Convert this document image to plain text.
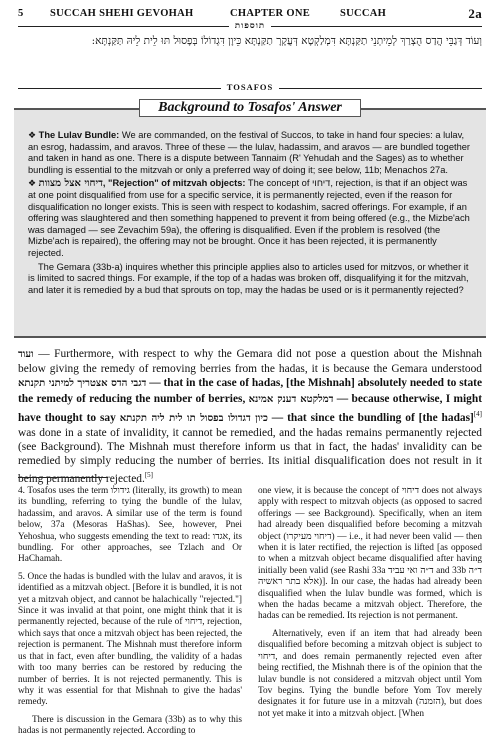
5	SUCCAH SHEHI GEVOHAH	CHAPTER ONE	SUCCAH	2a
תוספות
וְעוֹד דְּגַבֵּי הֲדַס הֻצְרַךְ לְמֵיתְנֵי תַקַּנְתָּא דִּמְלַקְטָא דְּעֲקָרָ תַקַּנְתָּא כֵּיוָן דִּגְדוֹלוֹ בְּפָסוּל תּוּ לֵית לֵיהּ תַּקַּנְתָּא:
TOSAFOS
Background to Tosafos' Answer

❖ The Lulav Bundle: We are commanded, on the festival of Succos, to take in hand four species: a lulav, an esrog, hadassim, and aravos. Three of these — the lulav, hadassim, and aravos — are bundled together and taken in hand as one. There is a dispute between Tannaim (R' Yehudah and the Sages) as to whether bundling is essential to the mitzvah or only a preferred way of doing it; see below, 11b; Menachos 27a.

❖ דיחוי אצל מצוות, "Rejection" of mitzvah objects: The concept of דיחוי, rejection, is that if an object was at one point disqualified from use for a specific service, it is permanently rejected, even if the reason for disqualification no longer exists. This is seen with respect to kodashim, sacred offerings. For example, if an offering was slaughtered and then something happened to prevent it from being offered (e.g., the Mizbe'ach was damaged — see Zevachim 59a), the offering is disqualified. Even if the problem is resolved (the Mizbe'ach is repaired), the offering may not be brought. Once it has been rejected, it is permanently rejected.

The Gemara (33b-a) inquires whether this principle applies also to articles used for mitzvos, or whether it is limited to sacred things. For example, if the top of a hadas was broken off, disqualifying it for the mitzvah, and later it is remedied by a bud that sprouts on top, may the hadas be used or is it permanently rejected?

ועוד — Furthermore, with respect to why the Gemara did not pose a question about the Mishnah below giving the remedy of removing berries from the hadas, it is because the Gemara understood דגבי הדס אצטריך למיתני תקנתא — that in the case of hadas, [the Mishnah] absolutely needed to state the remedy of reducing the number of berries, דמלקטא דענק אמינא — because otherwise, I might have thought to say כיון דגדולו בפסול תו לית ליה תקנתא — that since the bundling of [the hadas][4] was done in a state of invalidity, it cannot be remedied, and the hadas remains permanently rejected (see Background). The Mishnah must therefore inform us that in fact, the hadas' invalidity can be remedied by simply reducing the number of berries. Its initial disqualification does not result in it being permanently rejected.[5]

4. Tosafos uses the term גידולו (literally, its growth) to mean its bundling, referring to tying the bundle of the lulav, hadassim, and aravos. A similar use of the term is found below, 37a (Mesoras HaShas). See, however, Pnei Yehoshua, who suggests emending the text to read: אגדו, its bundling. For other approaches, see Tzlach and Or HaChamah.

5. Once the hadas is bundled with the lulav and aravos, it is identified as a mitzvah object. [Before it is bundled, it is not yet a mitzvah object, and cannot be halachically "rejected."] Since it was invalid at that point, one might think that it is permanently rejected, because of the rule of דיחוי, rejection, which says that once a mitzvah object has been rejected, the rejection is permanent. The Mishnah must therefore inform us that in fact, even after bundling, the validity of a hadas with too many berries can be restored by reducing the number of berries. It is not rejected permanently. This is why it was essential for that Mishnah to give the hadas' remedy.

There is discussion in the Gemara (33b) as to why this hadas is not permanently rejected. According to

one view, it is because the concept of דיחוי does not always apply with respect to mitzvah objects (as opposed to sacred offerings — see Background). Specifically, when an item had already been disqualified before becoming a mitzvah object (דיחוי מעיקרו) — i.e., it had never been valid — then when it is later rectified, the rejection is lifted [as opposed to when a mitzvah object became disqualified after having initially been valid (see Rashi 33a ד״ה ואי עביד and 33b ד״ה אלא בתר ראשיה)]. In our case, the hadas had already been disqualified when the lulav bundle was formed, which is when the hadas became a mitzvah object. Therefore, the hadas can be remedied. Its rejection is not permanent.

Alternatively, even if an item that had already been disqualified before becoming a mitzvah object is subject to דיחוי, and does remain permanently rejected even after being rectified, the Mishnah there is of the opinion that the lulav bundle is not considered a mitzvah object until Yom Tov begins. Tying the bundle before Yom Tov merely designates it for future use in a mitzvah (הזמנה), but does not yet make it into a mitzvah object. [When
